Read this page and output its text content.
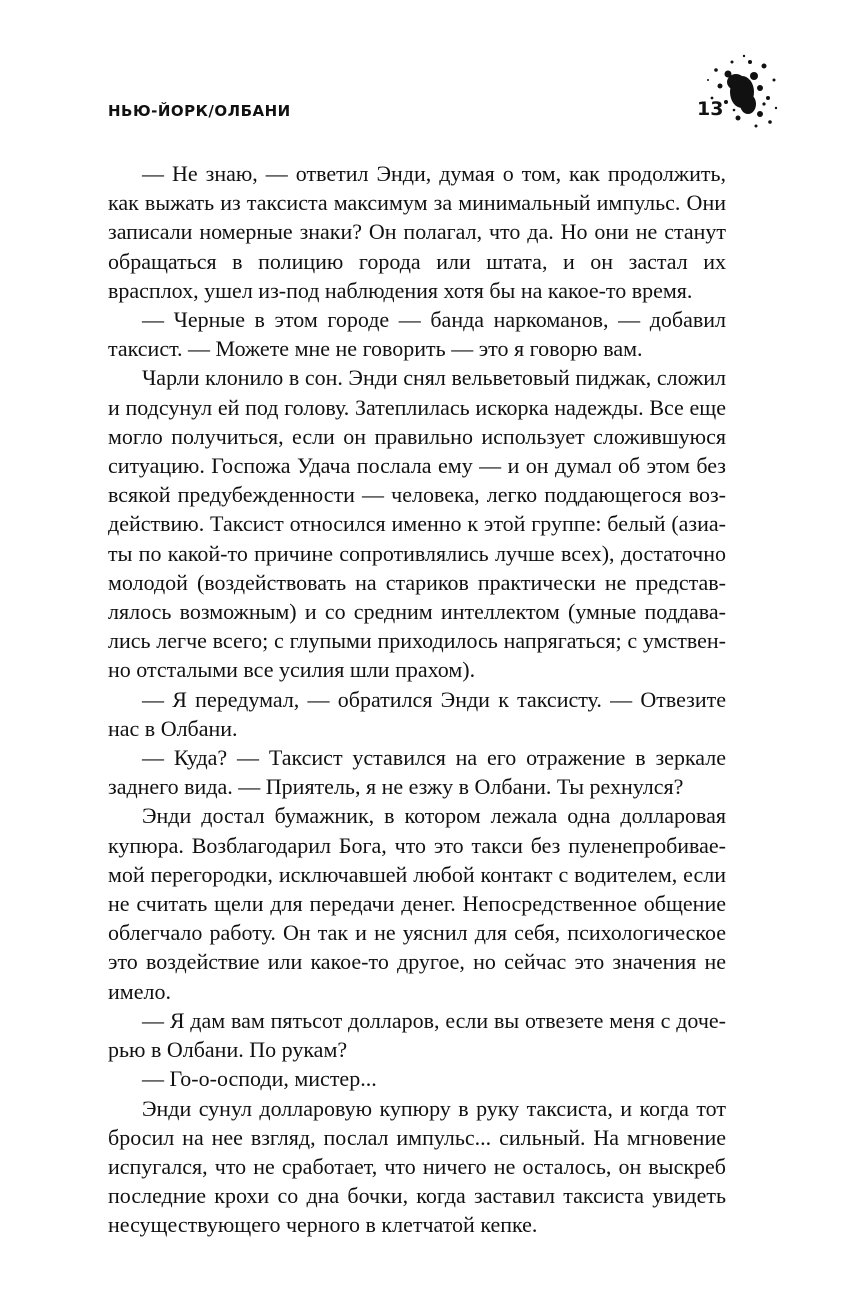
НЬЮ-ЙОРК/ОЛБАНИ	13

— Не знаю, — ответил Энди, думая о том, как продолжить, как выжать из таксиста максимум за минимальный импульс. Они записали номерные знаки? Он полагал, что да. Но они не станут обращаться в полицию города или штата, и он застал их врасплох, ушел из-под наблюдения хотя бы на какое-то время.

— Черные в этом городе — банда наркоманов, — добавил таксист. — Можете мне не говорить — это я говорю вам.

Чарли клонило в сон. Энди снял вельветовый пиджак, сложил и подсунул ей под голову. Затеплилась искорка надежды. Все еще могло получиться, если он правильно использует сложившуюся ситуацию. Госпожа Удача послала ему — и он думал об этом без всякой предубежденности — человека, легко поддающегося воздействию. Таксист относился именно к этой группе: белый (азиаты по какой-то причине сопротивлялись лучше всех), достаточно молодой (воздействовать на стариков практически не представлялось возможным) и со средним интеллектом (умные поддавались легче всего; с глупыми приходилось напрягаться; с умственно отсталыми все усилия шли прахом).

— Я передумал, — обратился Энди к таксисту. — Отвезите нас в Олбани.

— Куда? — Таксист уставился на его отражение в зеркале заднего вида. — Приятель, я не езжу в Олбани. Ты рехнулся?

Энди достал бумажник, в котором лежала одна долларовая купюра. Возблагодарил Бога, что это такси без пуленепробиваемой перегородки, исключавшей любой контакт с водителем, если не считать щели для передачи денег. Непосредственное общение облегчало работу. Он так и не уяснил для себя, психологическое это воздействие или какое-то другое, но сейчас это значения не имело.

— Я дам вам пятьсот долларов, если вы отвезете меня с дочерью в Олбани. По рукам?

— Го-о-осподи, мистер...

Энди сунул долларовую купюру в руку таксиста, и когда тот бросил на нее взгляд, послал импульс... сильный. На мгновение испугался, что не сработает, что ничего не осталось, он выскреб последние крохи со дна бочки, когда заставил таксиста увидеть несуществующего черного в клетчатой кепке.
